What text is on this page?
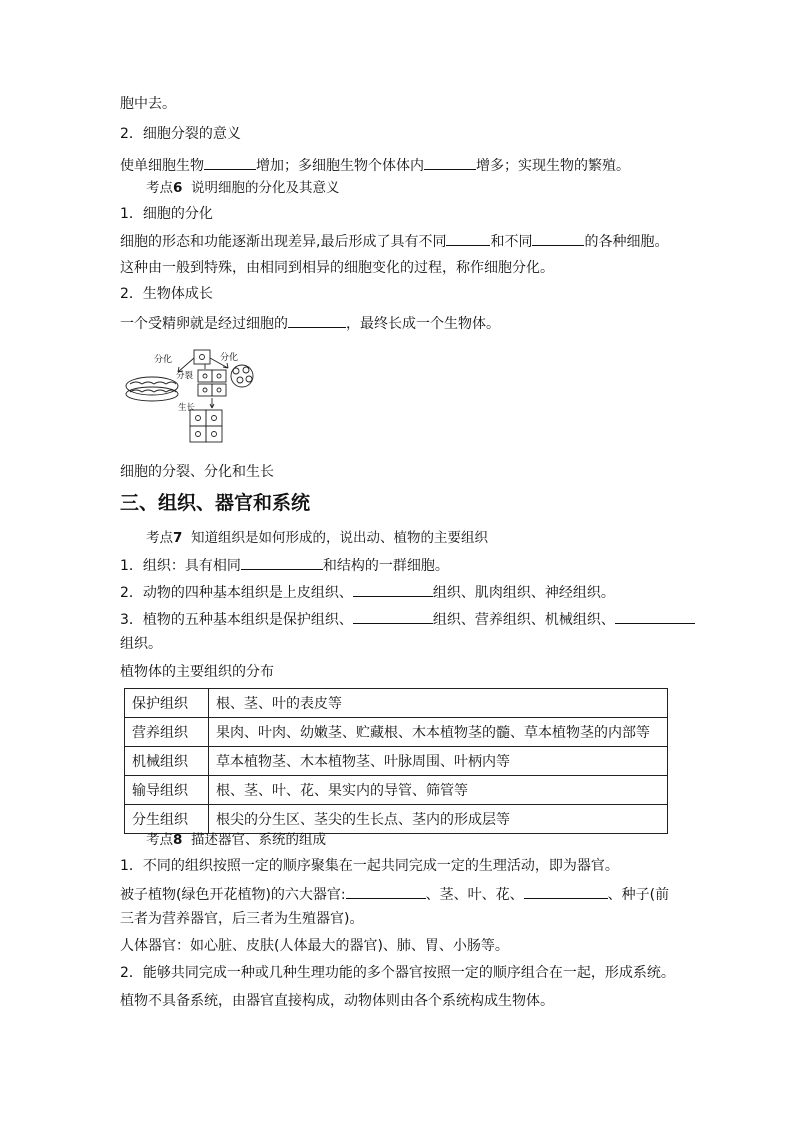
胞中去。
2．细胞分裂的意义
使单细胞生物	增加；多细胞生物个体体内	增多；实现生物的繁殖。
考点6 说明细胞的分化及其意义
1．细胞的分化
细胞的形态和功能逐渐出现差异,最后形成了具有不同	和不同	的各种细胞。
这种由一般到特殊，由相同到相异的细胞变化的过程，称作细胞分化。
2．生物体成长
一个受精卵就是经过细胞的	，最终长成一个生物体。
分化	分化
分裂
生长
细胞的分裂、分化和生长
三、组织、器官和系统
考点7 知道组织是如何形成的，说出动、植物的主要组织
1．组织：具有相同	和结构的一群细胞。
2．动物的四种基本组织是上皮组织、	组织、肌肉组织、神经组织。
3．植物的五种基本组织是保护组织、	组织、营养组织、机械组织、
组织。
植物体的主要组织的分布
保护组织	根、茎、叶的表皮等
营养组织	果肉、叶肉、幼嫩茎、贮藏根、木本植物茎的髓、草本植物茎的内部等
机械组织	草本植物茎、木本植物茎、叶脉周围、叶柄内等
输导组织	根、茎、叶、花、果实内的导管、筛管等
分生组织	根尖的分生区、茎尖的生长点、茎内的形成层等
考点8 描述器官、系统的组成
1．不同的组织按照一定的顺序聚集在一起共同完成一定的生理活动，即为器官。
被子植物(绿色开花植物)的六大器官:	、茎、叶、花、	、种子(前
三者为营养器官，后三者为生殖器官)。
人体器官：如心脏、皮肤(人体最大的器官)、肺、胃、小肠等。
2．能够共同完成一种或几种生理功能的多个器官按照一定的顺序组合在一起，形成系统。
植物不具备系统，由器官直接构成，动物体则由各个系统构成生物体。
